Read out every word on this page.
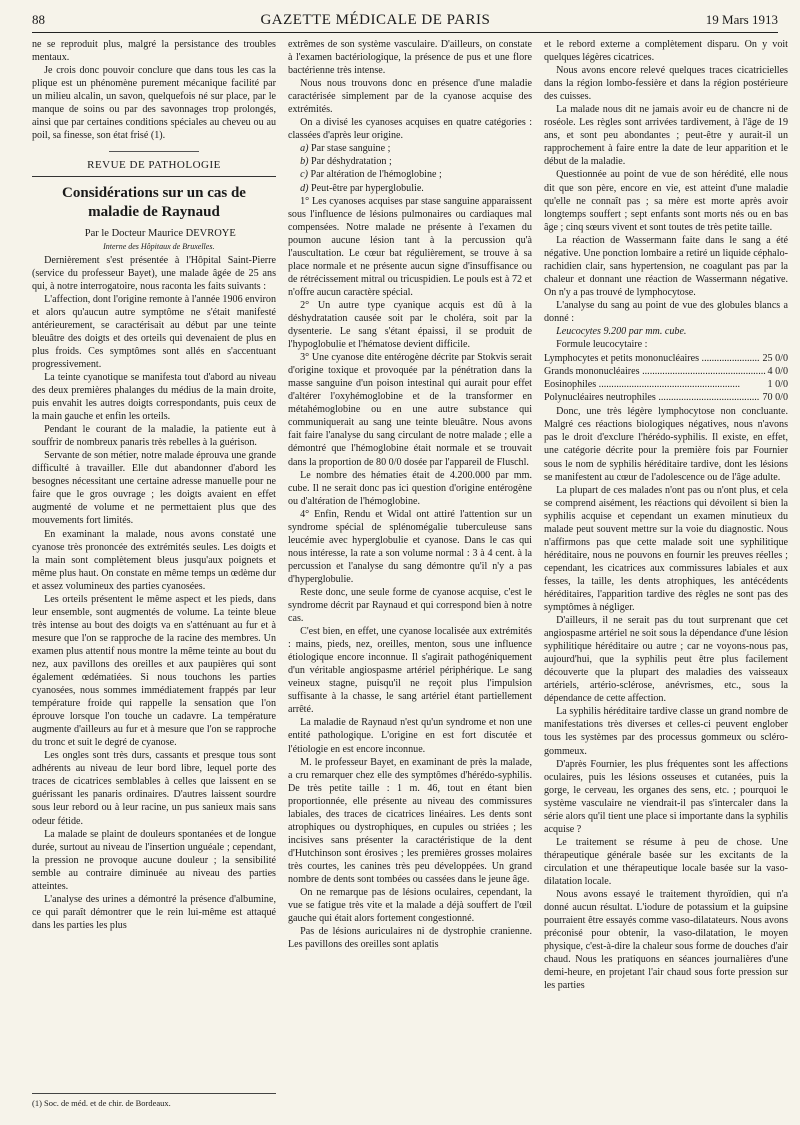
88	GAZETTE MÉDICALE DE PARIS	19 Mars 1913

ne se reproduit plus, malgré la persistance des troubles mentaux.

Je crois donc pouvoir conclure que dans tous les cas la plique est un phénomène purement mécanique facilité par un milieu alcalin, un savon, quelquefois né sur place, par le manque de soins ou par des savonnages trop prolongés, ainsi que par certaines conditions spéciales au cheveu ou au poil, sa finesse, son état frisé (1).

REVUE DE PATHOLOGIE
Considérations sur un cas de maladie de Raynaud

Par le Docteur Maurice DEVROYE

Interne des Hôpitaux de Bruxelles.

Dernièrement s'est présentée à l'Hôpital Saint-Pierre (service du professeur Bayet), une malade âgée de 25 ans qui, à notre interrogatoire, nous raconta les faits suivants :

L'affection, dont l'origine remonte à l'année 1906 environ et alors qu'aucun autre symptôme ne s'était manifesté antérieurement, se caractérisait au début par une teinte bleuâtre des doigts et des orteils qui devenaient de plus en plus froids. Ces symptômes sont allés en s'accentuant progressivement.

La teinte cyanotique se manifesta tout d'abord au niveau des deux premières phalanges du médius de la main droite, puis envahit les autres doigts correspondants, puis ceux de la main gauche et enfin les orteils.

Pendant le courant de la maladie, la patiente eut à souffrir de nombreux panaris très rebelles à la guérison.

Servante de son métier, notre malade éprouva une grande difficulté à travailler. Elle dut abandonner d'abord les besognes nécessitant une certaine adresse manuelle pour ne faire que le gros ouvrage ; les doigts avaient en effet augmenté de volume et ne permettaient plus que des mouvements fort limités.

En examinant la malade, nous avons constaté une cyanose très prononcée des extrémités seules. Les doigts et la main sont complètement bleus jusqu'aux poignets et même plus haut. On constate en même temps un œdème dur et assez volumineux des parties cyanosées.

Les orteils présentent le même aspect et les pieds, dans leur ensemble, sont augmentés de volume. La teinte bleue très intense au bout des doigts va en s'atténuant au fur et à mesure que l'on se rapproche de la racine des membres. Un examen plus attentif nous montre la même teinte au bout du nez, aux pavillons des oreilles et aux paupières qui sont également œdématiées. Si nous touchons les parties cyanosées, nous sommes immédiatement frappés par leur température froide qui rappelle la sensation que l'on éprouve lorsque l'on touche un cadavre. La température augmente d'ailleurs au fur et à mesure que l'on se rapproche du tronc et suit le degré de cyanose.

Les ongles sont très durs, cassants et presque tous sont adhérents au niveau de leur bord libre, lequel porte des traces de cicatrices semblables à celles que laissent en se guérissant les panaris ordinaires. D'autres laissent sourdre sous leur rebord ou à leur racine, un pus sanieux mais sans odeur fétide.

La malade se plaint de douleurs spontanées et de longue durée, surtout au niveau de l'insertion unguéale ; cependant, la pression ne provoque aucune douleur ; la sensibilité semble au contraire diminuée au niveau des parties atteintes.

L'analyse des urines a démontré la présence d'albumine, ce qui paraît démontrer que le rein lui-même est attaqué dans les parties les plus

(1) Soc. de méd. et de chir. de Bordeaux.

extrêmes de son système vasculaire. D'ailleurs, on constate à l'examen bactériologique, la présence de pus et une flore bactérienne très intense.

Nous nous trouvons donc en présence d'une maladie caractérisée simplement par de la cyanose acquise des extrémités.

On a divisé les cyanoses acquises en quatre catégories : classées d'après leur origine.

a) Par stase sanguine ;

b) Par déshydratation ;

c) Par altération de l'hémoglobine ;

d) Peut-être par hyperglobulie.

1° Les cyanoses acquises par stase sanguine apparaissent sous l'influence de lésions pulmonaires ou cardiaques mal compensées. Notre malade ne présente à l'examen du poumon aucune lésion tant à la percussion qu'à l'auscultation. Le cœur bat régulièrement, se trouve à sa place normale et ne présente aucun signe d'insuffisance ou de rétrécissement mitral ou tricuspidien. Le pouls est à 72 et n'offre aucun caractère spécial.

2° Un autre type cyanique acquis est dû à la déshydratation causée soit par le choléra, soit par la dysenterie. Le sang s'étant épaissi, il se produit de l'hypoglobulie et l'hématose devient difficile.

3° Une cyanose dite entérogène décrite par Stokvis serait d'origine toxique et provoquée par la pénétration dans la masse sanguine d'un poison intestinal qui aurait pour effet d'altérer l'oxyhémoglobine et de la transformer en métahémoglobine ou en une autre substance qui communiquerait au sang une teinte bleuâtre. Nous avons fait faire l'analyse du sang circulant de notre malade ; elle a démontré que l'hémoglobine était normale et se trouvait dans la proportion de 80 0/0 dosée par l'appareil de Fluschl.

Le nombre des hématies était de 4.200.000 par mm. cube. Il ne serait donc pas ici question d'origine entérogène ou d'altération de l'hémoglobine.

4° Enfin, Rendu et Widal ont attiré l'attention sur un syndrome spécial de splénomégalie tuberculeuse sans leucémie avec hyperglobulie et cyanose. Dans le cas qui nous intéresse, la rate a son volume normal : 3 à 4 cent. à la percussion et l'analyse du sang démontre qu'il n'y a pas d'hyperglobulie.

Reste donc, une seule forme de cyanose acquise, c'est le syndrome décrit par Raynaud et qui correspond bien à notre cas.

C'est bien, en effet, une cyanose localisée aux extrémités : mains, pieds, nez, oreilles, menton, sous une influence étiologique encore inconnue. Il s'agirait pathogéniquement d'un véritable angiospasme artériel périphérique. Le sang veineux stagne, puisqu'il ne reçoit plus l'impulsion suffisante à la chasse, le sang artériel étant partiellement arrêté.

La maladie de Raynaud n'est qu'un syndrome et non une entité pathologique. L'origine en est fort discutée et l'étiologie en est encore inconnue.

M. le professeur Bayet, en examinant de près la malade, a cru remarquer chez elle des symptômes d'hérédo-syphilis. De très petite taille : 1 m. 46, tout en étant bien proportionnée, elle présente au niveau des commissures labiales, des traces de cicatrices linéaires. Les dents sont atrophiques ou dystrophiques, en cupules ou striées ; les incisives sans présenter la caractéristique de la dent d'Hutchinson sont érosives ; les premières grosses molaires très courtes, les canines très peu développées. Un grand nombre de dents sont tombées ou cassées dans le jeune âge.

On ne remarque pas de lésions oculaires, cependant, la vue se fatigue très vite et la malade a déjà souffert de l'œil gauche qui était alors fortement congestionné.

Pas de lésions auriculaires ni de dystrophie cranienne. Les pavillons des oreilles sont aplatis

et le rebord externe a complètement disparu. On y voit quelques légères cicatrices.

Nous avons encore relevé quelques traces cicatricielles dans la région lombo-fessière et dans la région postérieure des cuisses.

La malade nous dit ne jamais avoir eu de chancre ni de roséole. Les règles sont arrivées tardivement, à l'âge de 19 ans, et sont peu abondantes ; peut-être y aurait-il un rapprochement à faire entre la date de leur apparition et le début de la maladie.

Questionnée au point de vue de son hérédité, elle nous dit que son père, encore en vie, est atteint d'une maladie qu'elle ne connaît pas ; sa mère est morte après avoir longtemps souffert ; sept enfants sont morts nés ou en bas âge ; cinq sœurs vivent et sont toutes de très petite taille.

La réaction de Wassermann faite dans le sang a été négative. Une ponction lombaire a retiré un liquide céphalo-rachidien clair, sans hypertension, ne coagulant pas par la chaleur et donnant une réaction de Wassermann négative. On n'y a pas trouvé de lymphocytose.

L'analyse du sang au point de vue des globules blancs a donné :

Leucocytes 9.200 par mm. cube.

Formule leucocytaire :

Lymphocytes et petits mononucléaires .....	25 0/0
Grands mononucléaires .....	4 0/0
Eosinophiles .....	1 0/0
Polynucléaires neutrophiles .....	70 0/0

Donc, une très légère lymphocytose non concluante. Malgré ces réactions biologiques négatives, nous n'avons pas le droit d'exclure l'hérédo-syphilis. Il existe, en effet, une catégorie décrite pour la première fois par Fournier sous le nom de syphilis héréditaire tardive, dont les lésions se manifestent au cœur de l'adolescence ou de l'âge adulte.

La plupart de ces malades n'ont pas ou n'ont plus, et cela se comprend aisément, les réactions qui dévoilent si bien la syphilis acquise et cependant un examen minutieux du malade peut souvent mettre sur la voie du diagnostic. Nous n'affirmons pas que cette malade soit une syphilitique héréditaire, nous ne pouvons en fournir les preuves réelles ; cependant, les cicatrices aux commissures labiales et aux fesses, la taille, les dents atrophiques, les antécédents héréditaires, l'apparition tardive des règles ne sont pas des symptômes à négliger.

D'ailleurs, il ne serait pas du tout surprenant que cet angiospasme artériel ne soit sous la dépendance d'une lésion syphilitique héréditaire ou autre ; car ne voyons-nous pas, aujourd'hui, que la syphilis peut être plus facilement découverte que la plupart des maladies des vaisseaux artériels, artério-sclérose, anévrismes, etc., sous la dépendance de cette affection.

La syphilis héréditaire tardive classe un grand nombre de manifestations très diverses et celles-ci peuvent englober tous les systèmes par des processus gommeux ou scléro-gommeux.

D'après Fournier, les plus fréquentes sont les affections oculaires, puis les lésions osseuses et cutanées, puis la gorge, le cerveau, les organes des sens, etc. ; pourquoi le système vasculaire ne viendrait-il pas s'intercaler dans la série alors qu'il tient une place si importante dans la syphilis acquise ?

Le traitement se résume à peu de chose. Une thérapeutique générale basée sur les excitants de la circulation et une thérapeutique locale basée sur la vaso-dilatation locale.

Nous avons essayé le traitement thyroïdien, qui n'a donné aucun résultat. L'iodure de potassium et la guipsine pourraient être essayés comme vaso-dilatateurs. Nous avons préconisé pour obtenir, la vaso-dilatation, le moyen physique, c'est-à-dire la chaleur sous forme de douches d'air chaud. Nous les pratiquons en séances journalières d'une demi-heure, en projetant l'air chaud sous forte pression sur les parties
